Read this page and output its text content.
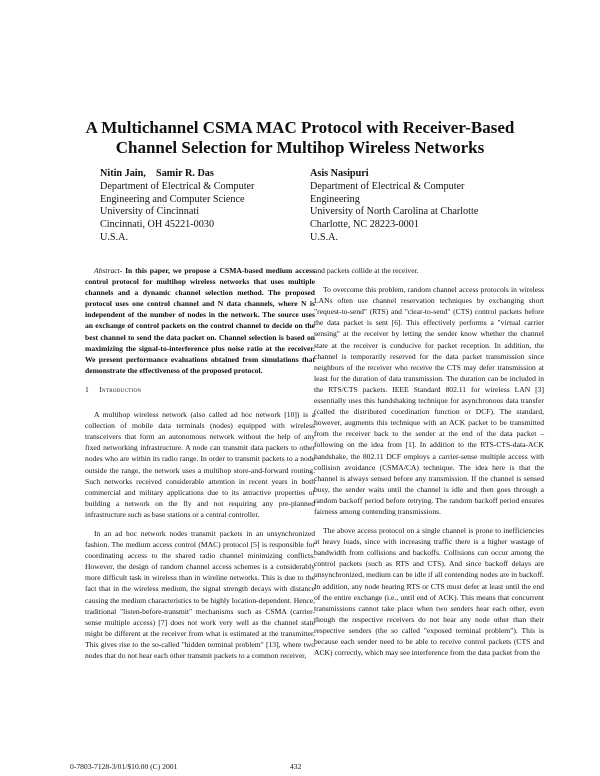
A Multichannel CSMA MAC Protocol with Receiver-Based Channel Selection for Multihop Wireless Networks
Nitin Jain,    Samir R. Das
Department of Electrical & Computer
Engineering and Computer Science
University of Cincinnati
Cincinnati, OH 45221-0030
U.S.A.
Asis Nasipuri
Department of Electrical & Computer
Engineering
University of North Carolina at Charlotte
Charlotte, NC 28223-0001
U.S.A.

Abstract- In this paper, we propose a CSMA-based medium access control protocol for multihop wireless networks that uses multiple channels and a dynamic channel selection method. The proposed protocol uses one control channel and N data channels, where N is independent of the number of nodes in the network. The source uses an exchange of control packets on the control channel to decide on the best channel to send the data packet on. Channel selection is based on maximizing the signal-to-interference plus noise ratio at the receiver. We present performance evaluations obtained from simulations that demonstrate the effectiveness of the proposed protocol.

1 Introduction

A multihop wireless network (also called ad hoc network [10]) is a collection of mobile data terminals (nodes) equipped with wireless transceivers that form an autonomous network without the help of any fixed networking infrastructure. A node can transmit data packets to other nodes who are within its radio range. In order to transmit packets to a node outside the range, the network uses a multihop store-and-forward routing. Such networks received considerable attention in recent years in both commercial and military applications due to its attractive properties of building a network on the fly and not requiring any pre-planned infrastructure such as base stations or a central controller.

In an ad hoc network nodes transmit packets in an unsynchronized fashion. The medium access control (MAC) protocol [5] is responsible for coordinating access to the shared radio channel minimizing conflicts. However, the design of random channel access schemes is a considerably more difficult task in wireless than in wireline networks. This is due to the fact that in the wireless medium, the signal strength decays with distance causing the medium characteristics to be highly location-dependent. Hence, traditional "listen-before-transmit" mechanisms such as CSMA (carrier-sense multiple access) [7] does not work very well as the channel state might be different at the receiver from what is estimated at the transmitter. This gives rise to the so-called "hidden terminal problem" [13], where two nodes that do not hear each other transmit packets to a common receiver,

and packets collide at the receiver.

To overcome this problem, random channel access protocols in wireless LANs often use channel reservation techniques by exchanging short "request-to-send" (RTS) and "clear-to-send" (CTS) control packets before the data packet is sent [6]. This effectively performs a "virtual carrier sensing" at the receiver by letting the sender know whether the channel state at the receiver is conducive for packet reception. In addition, the channel is temporarily reserved for the data packet transmission since neighbors of the receiver who receive the CTS may defer transmission at least for the duration of data transmission. The duration can be included in the RTS/CTS packets. IEEE Standard 802.11 for wireless LAN [3] essentially uses this handshaking technique for asynchronous data transfer (called the distributed coordination function or DCF). The standard, however, augments this technique with an ACK packet to be transmitted from the receiver back to the sender at the end of the data packet – following on the idea from [1]. In addition to the RTS-CTS-data-ACK handshake, the 802.11 DCF employs a carrier-sense multiple access with collision avoidance (CSMA/CA) technique. The idea here is that the channel is always sensed before any transmission. If the channel is sensed busy, the sender waits until the channel is idle and then goes through a random backoff period before retrying. The random backoff period ensures fairness among contending transmissions.

The above access protocol on a single channel is prone to inefficiencies at heavy loads, since with increasing traffic there is a higher wastage of bandwidth from collisions and backoffs. Collisions can occur among the control packets (such as RTS and CTS). And since backoff delays are unsynchronized, medium can be idle if all contending nodes are in backoff. In addition, any node hearing RTS or CTS must defer at least until the end of the entire exchange (i.e., until end of ACK). This means that concurrent transmissions cannot take place when two senders hear each other, even though the respective receivers do not hear any node other than their respective senders (the so called "exposed terminal problem"). This is because each sender need to be able to receive control packets (CTS and ACK) correctly, which may see interference from the data packet from the

0-7803-7128-3/01/$10.00 (C) 2001	432
